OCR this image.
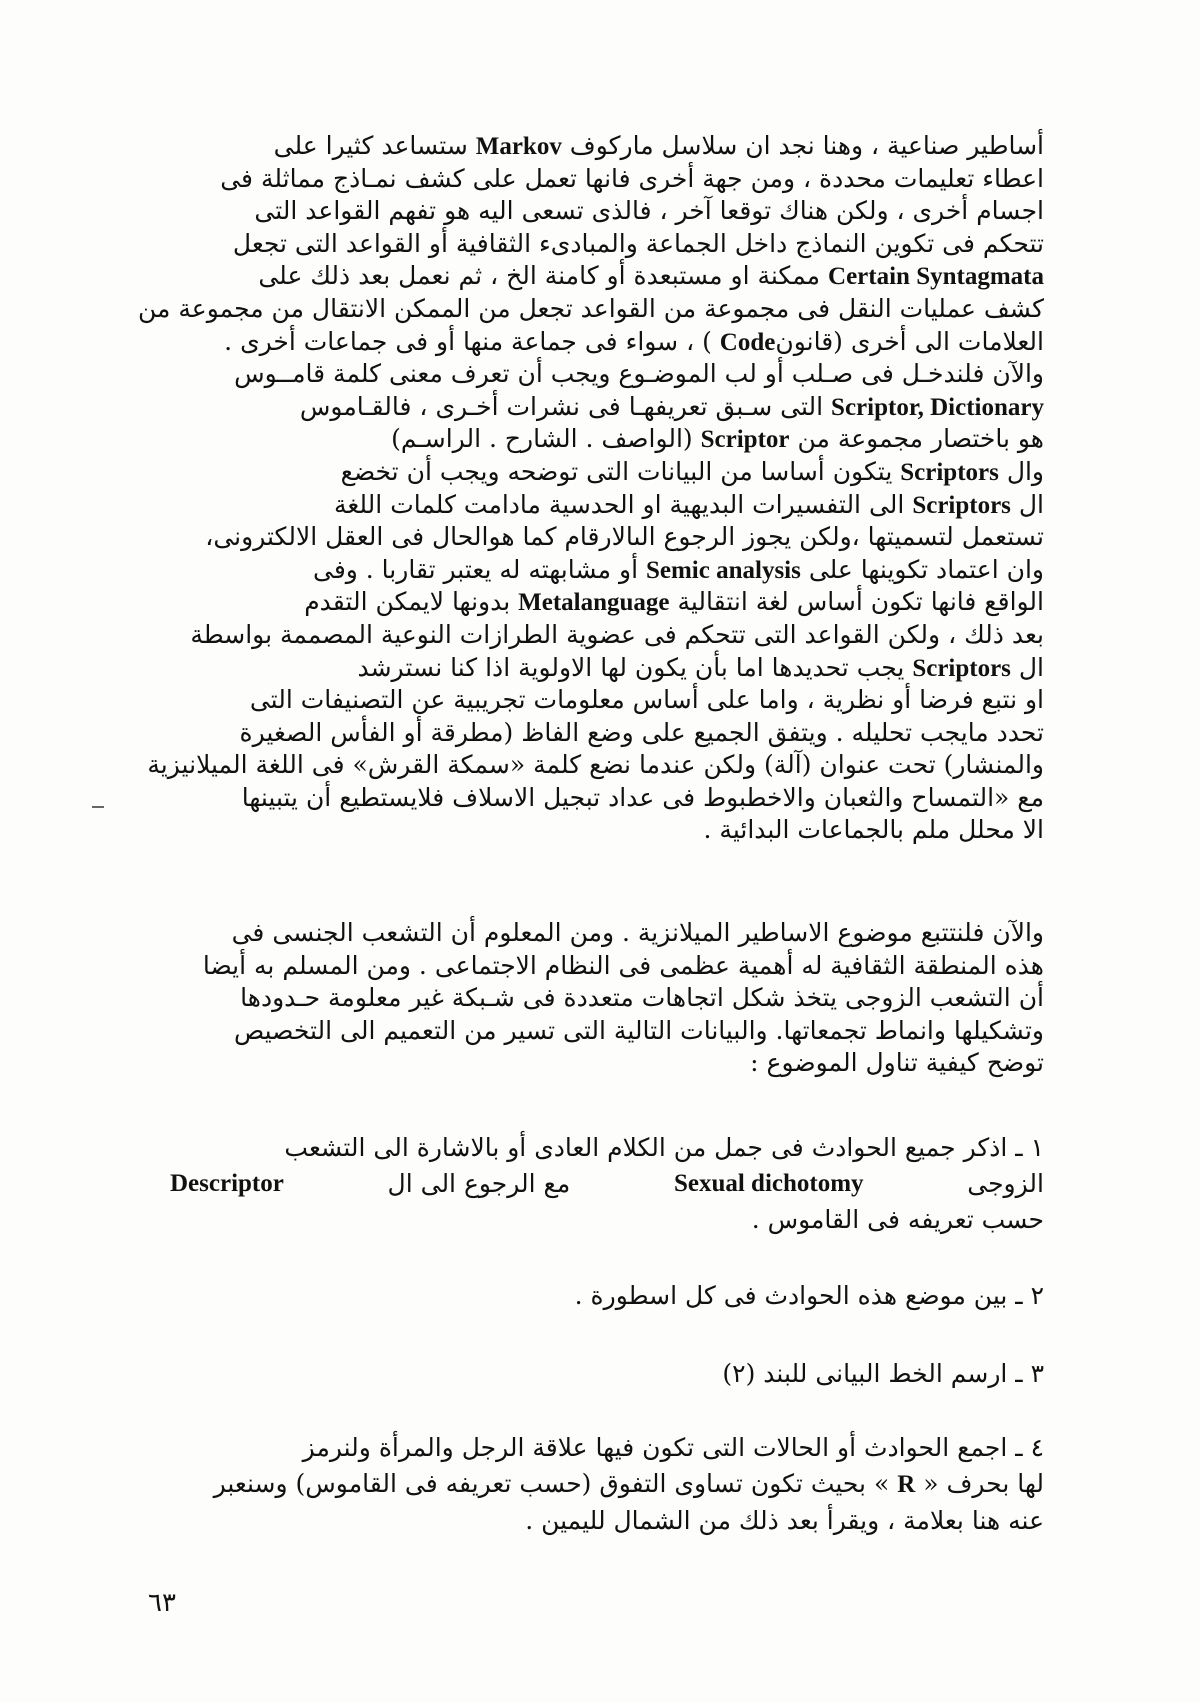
أساطير صناعية ، وهنا نجد ان سلاسل ماركوف Markov ستساعد كثيرا على
اعطاء تعليمات محددة ، ومن جهة أخرى فانها تعمل على كشف نمـاذج مماثلة فى
اجسام أخرى ، ولكن هناك توقعا آخر ، فالذى تسعى اليه هو تفهم القواعد التى
تتحكم فى تكوين النماذج داخل الجماعة والمبادىء الثقافية أو القواعد التى تجعل
Certain Syntagmata ممكنة او مستبعدة أو كامنة الخ ، ثم نعمل بعد ذلك على
كشف عمليات النقل فى مجموعة من القواعد تجعل من الممكن الانتقال من مجموعة من
العلامات الى أخرى (قانونCode ) ، سواء فى جماعة منها أو فى جماعات أخرى .
والآن فلندخـل فى صـلب أو لب الموضـوع ويجب أن تعرف معنى كلمة قامــوس
Scriptor, Dictionary التى سـبق تعريفهـا فى نشرات أخـرى ، فالقـاموس
هو باختصار مجموعة من Scriptor (الواصف . الشارح . الراسـم)
وال Scriptors يتكون أساسا من البيانات التى توضحه ويجب أن تخضع
ال Scriptors الى التفسيرات البديهية او الحدسية مادامت كلمات اللغة
تستعمل لتسميتها ،ولكن يجوز الرجوع الىالارقام كما هوالحال فى العقل الالكترونى،
وان اعتماد تكوينها على Semic analysis أو مشابهته له يعتبر تقاربا . وفى
الواقع فانها تكون أساس لغة انتقالية Metalanguage بدونها لايمكن التقدم
بعد ذلك ، ولكن القواعد التى تتحكم فى عضوية الطرازات النوعية المصممة بواسطة
ال Scriptors يجب تحديدها اما بأن يكون لها الاولوية اذا كنا نسترشد
او نتبع فرضا أو نظرية ، واما على أساس معلومات تجريبية عن التصنيفات التى
تحدد مايجب تحليله . ويتفق الجميع على وضع الفاظ (مطرقة أو الفأس الصغيرة
والمنشار) تحت عنوان (آلة) ولكن عندما نضع كلمة «سمكة القرش» فى اللغة الميلانيزية
مع «التمساح والثعبان والاخطبوط فى عداد تبجيل الاسلاف فلايستطيع أن يتبينها
الا محلل ملم بالجماعات البدائية .
والآن فلنتتبع موضوع الاساطير الميلانزية . ومن المعلوم أن التشعب الجنسى فى
هذه المنطقة الثقافية له أهمية عظمى فى النظام الاجتماعى . ومن المسلم به أيضا
أن التشعب الزوجى يتخذ شكل اتجاهات متعددة فى شـبكة غير معلومة حـدودها
وتشكيلها وانماط تجمعاتها. والبيانات التالية التى تسير من التعميم الى التخصيص
توضح كيفية تناول الموضوع :
١ ـ اذكر جميع الحوادث فى جمل من الكلام العادى أو بالاشارة الى التشعب
الزوجى
Sexual dichotomy
مع الرجوع الى ال
Descriptor
حسب تعريفه فى القاموس .
٢ ـ بين موضع هذه الحوادث فى كل اسطورة .
٣ ـ ارسم الخط البيانى للبند (٢)
٤ ـ اجمع الحوادث أو الحالات التى تكون فيها علاقة الرجل والمرأة ولنرمز
لها بحرف « R » بحيث تكون تساوى التفوق (حسب تعريفه فى القاموس) وسنعبر
عنه هنا بعلامة ، ويقرأ بعد ذلك من الشمال لليمين .
٦٣
